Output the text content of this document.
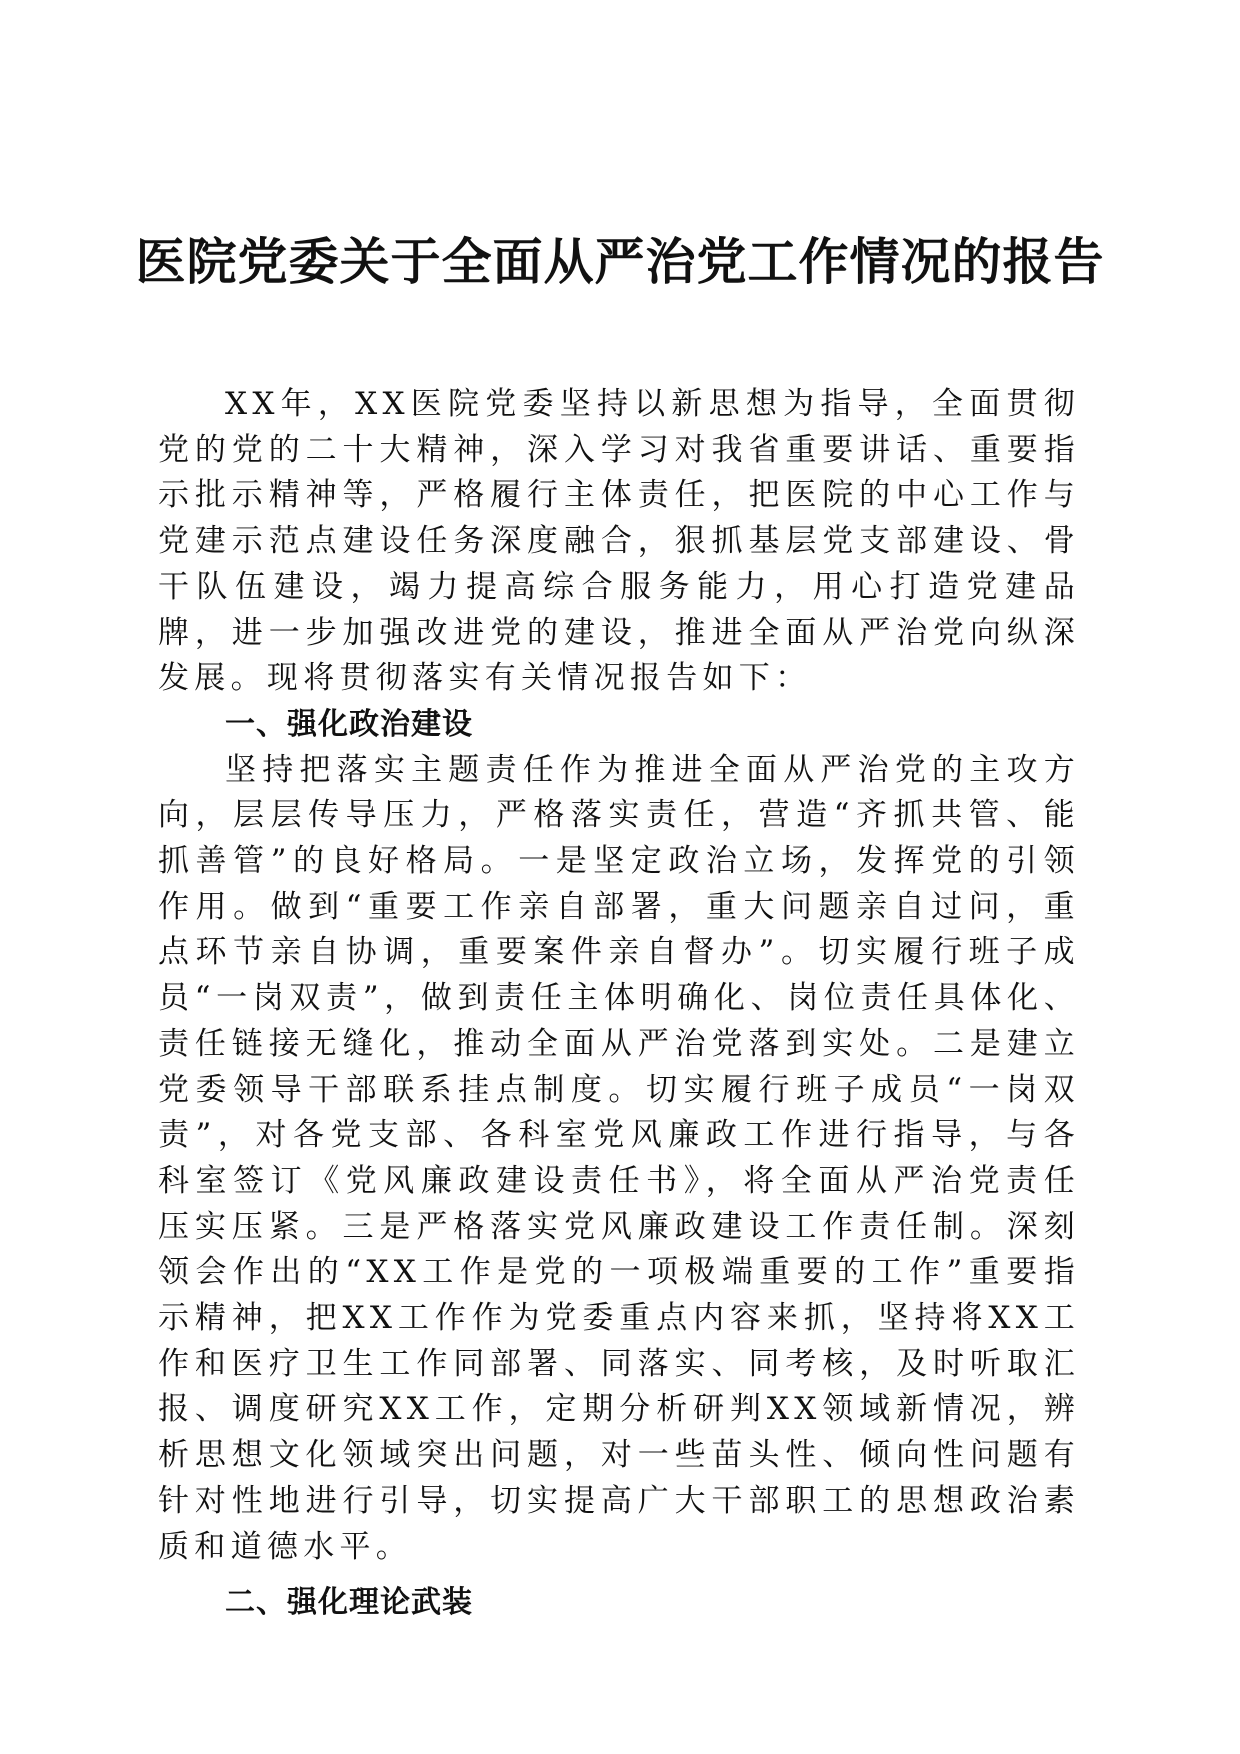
医院党委关于全面从严治党工作情况的报告

XX年，XX医院党委坚持以新思想为指导，全面贯彻党的党的二十大精神，深入学习对我省重要讲话、重要指示批示精神等，严格履行主体责任，把医院的中心工作与党建示范点建设任务深度融合，狠抓基层党支部建设、骨干队伍建设，竭力提高综合服务能力，用心打造党建品牌，进一步加强改进党的建设，推进全面从严治党向纵深发展。现将贯彻落实有关情况报告如下：

一、强化政治建设

坚持把落实主题责任作为推进全面从严治党的主攻方向，层层传导压力，严格落实责任，营造“齐抓共管、能抓善管”的良好格局。一是坚定政治立场，发挥党的引领作用。做到“重要工作亲自部署，重大问题亲自过问，重点环节亲自协调，重要案件亲自督办”。切实履行班子成员“一岗双责”，做到责任主体明确化、岗位责任具体化、责任链接无缝化，推动全面从严治党落到实处。二是建立党委领导干部联系挂点制度。切实履行班子成员“一岗双责”，对各党支部、各科室党风廉政工作进行指导，与各科室签订《党风廉政建设责任书》，将全面从严治党责任压实压紧。三是严格落实党风廉政建设工作责任制。深刻领会作出的“XX工作是党的一项极端重要的工作”重要指示精神，把XX工作作为党委重点内容来抓，坚持将XX工作和医疗卫生工作同部署、同落实、同考核，及时听取汇报、调度研究XX工作，定期分析研判XX领域新情况，辨析思想文化领域突出问题，对一些苗头性、倾向性问题有针对性地进行引导，切实提高广大干部职工的思想政治素质和道德水平。

二、强化理论武装
